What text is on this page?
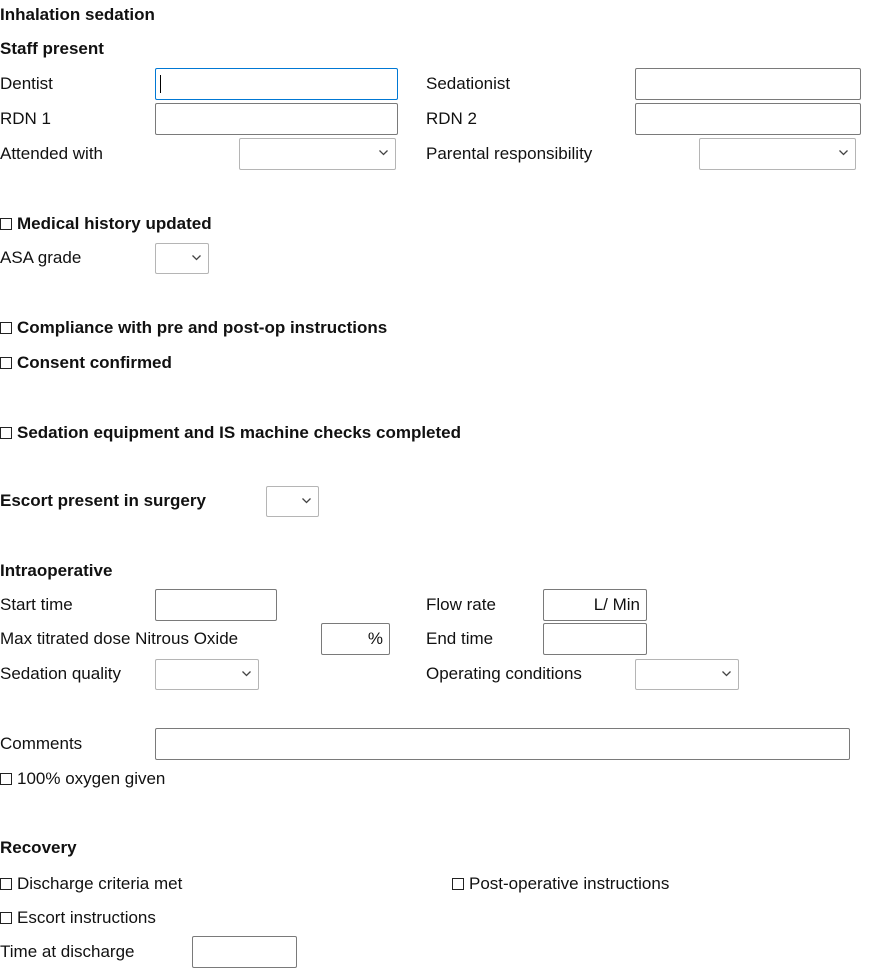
Inhalation sedation
Staff present
Dentist	Sedationist
RDN 1	RDN 2
Attended with	Parental responsibility
Medical history updated
ASA grade
Compliance with pre and post-op instructions
Consent confirmed
Sedation equipment and IS machine checks completed
Escort present in surgery
Intraoperative
Start time	Flow rate	L/ Min
Max titrated dose Nitrous Oxide	%	End time
Sedation quality	Operating conditions
Comments
100% oxygen given
Recovery
Discharge criteria met	Post-operative instructions
Escort instructions
Time at discharge
